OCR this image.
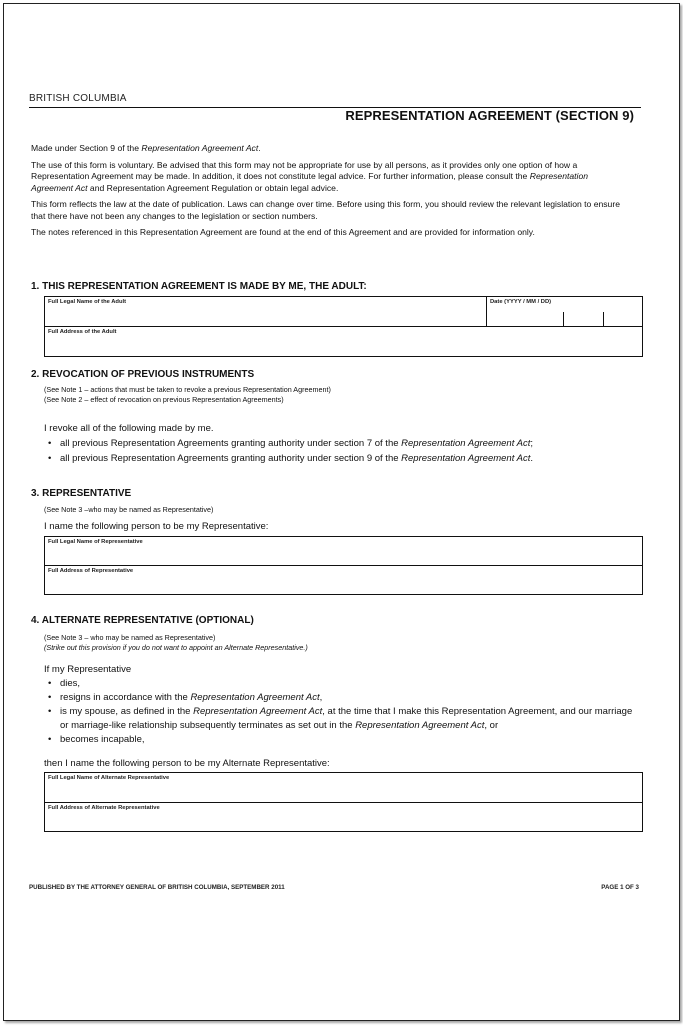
BRITISH COLUMBIA
REPRESENTATION AGREEMENT (SECTION 9)

Made under Section 9 of the Representation Agreement Act.

The use of this form is voluntary. Be advised that this form may not be appropriate for use by all persons, as it provides only one option of how a Representation Agreement may be made. In addition, it does not constitute legal advice. For further information, please consult the Representation Agreement Act and Representation Agreement Regulation or obtain legal advice.

This form reflects the law at the date of publication. Laws can change over time. Before using this form, you should review the relevant legislation to ensure that there have not been any changes to the legislation or section numbers.

The notes referenced in this Representation Agreement are found at the end of this Agreement and are provided for information only.

1. THIS REPRESENTATION AGREEMENT IS MADE BY ME, THE ADULT:
Full Legal Name of the Adult	Date (YYYY / MM / DD)
Full Address of the Adult
2. REVOCATION OF PREVIOUS INSTRUMENTS
(See Note 1 – actions that must be taken to revoke a previous Representation Agreement)
(See Note 2 – effect of revocation on previous Representation Agreements)
I revoke all of the following made by me.
• all previous Representation Agreements granting authority under section 7 of the Representation Agreement Act;
• all previous Representation Agreements granting authority under section 9 of the Representation Agreement Act.
3. REPRESENTATIVE
(See Note 3 –who may be named as Representative)
I name the following person to be my Representative:
Full Legal Name of Representative
Full Address of Representative
4. ALTERNATE REPRESENTATIVE (OPTIONAL)
(See Note 3 – who may be named as Representative)
(Strike out this provision if you do not want to appoint an Alternate Representative.)
If my Representative
• dies,
• resigns in accordance with the Representation Agreement Act,
• is my spouse, as defined in the Representation Agreement Act, at the time that I make this Representation Agreement, and our marriage or marriage-like relationship subsequently terminates as set out in the Representation Agreement Act, or
• becomes incapable,
then I name the following person to be my Alternate Representative:
Full Legal Name of Alternate Representative
Full Address of Alternate Representative
PUBLISHED BY THE ATTORNEY GENERAL OF BRITISH COLUMBIA, SEPTEMBER 2011	PAGE 1 OF 3
